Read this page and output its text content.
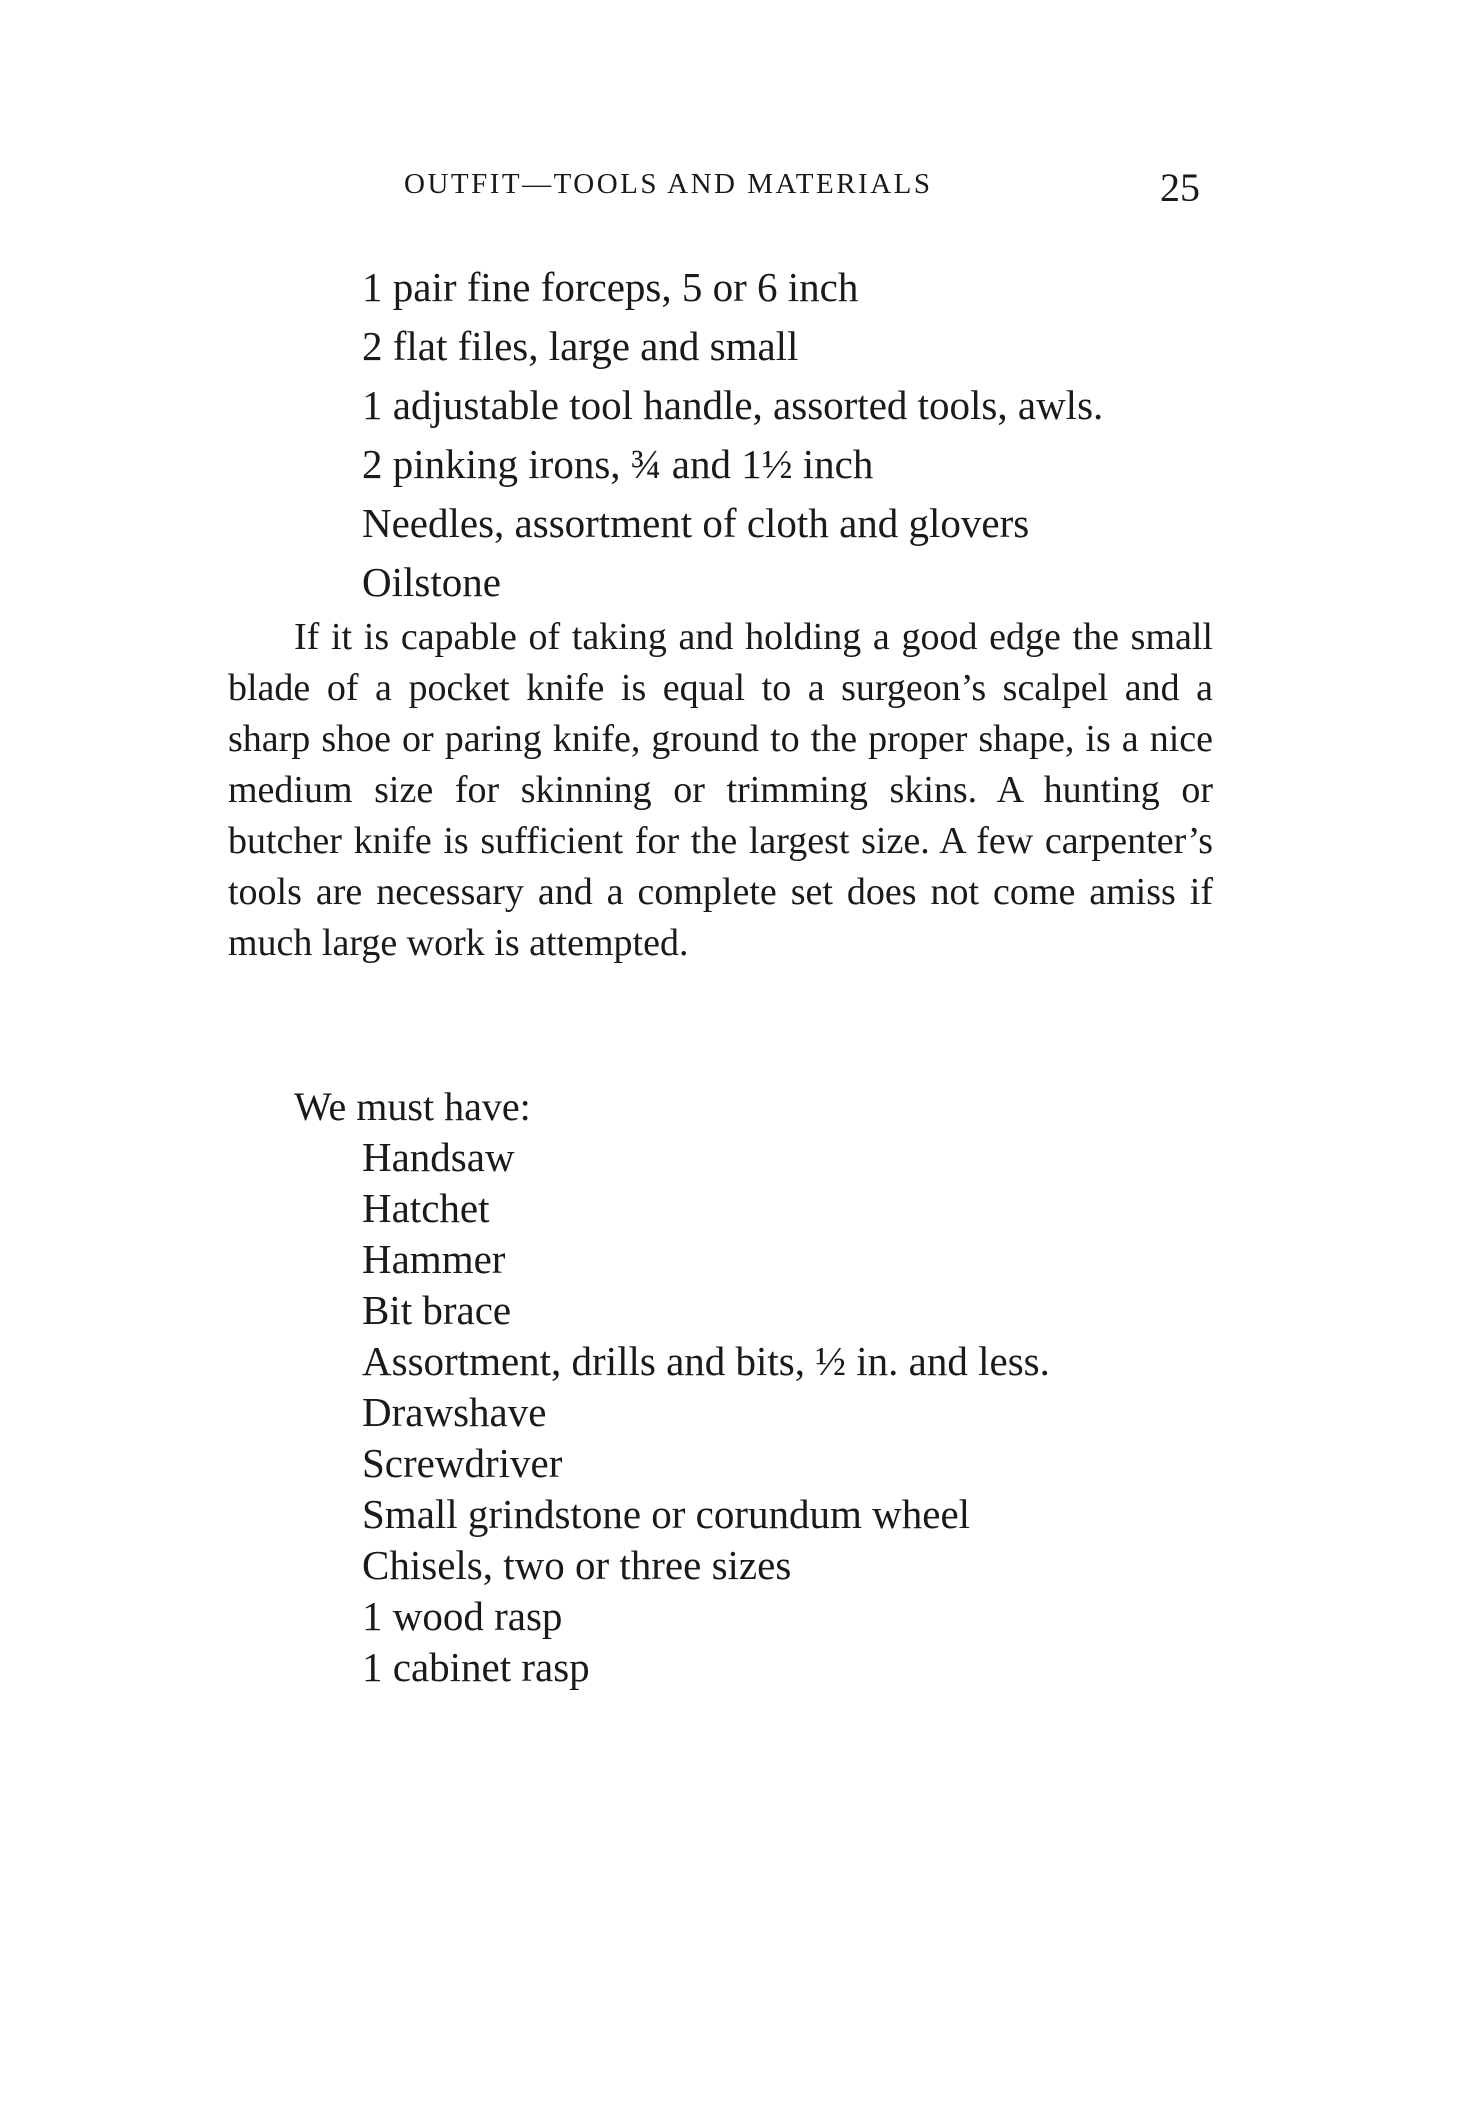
OUTFIT—TOOLS AND MATERIALS	25
1 pair fine forceps, 5 or 6 inch
2 flat files, large and small
1 adjustable tool handle, assorted tools, awls.
2 pinking irons, ¾ and 1½ inch
Needles, assortment of cloth and glovers
Oilstone

If it is capable of taking and holding a good edge the small blade of a pocket knife is equal to a surgeon’s scalpel and a sharp shoe or paring knife, ground to the proper shape, is a nice medium size for skinning or trimming skins. A hunting or butcher knife is sufficient for the largest size. A few carpenter’s tools are necessary and a complete set does not come amiss if much large work is attempted.

We must have:

Handsaw
Hatchet
Hammer
Bit brace
Assortment, drills and bits, ½ in. and less.
Drawshave
Screwdriver
Small grindstone or corundum wheel
Chisels, two or three sizes
1 wood rasp
1 cabinet rasp
